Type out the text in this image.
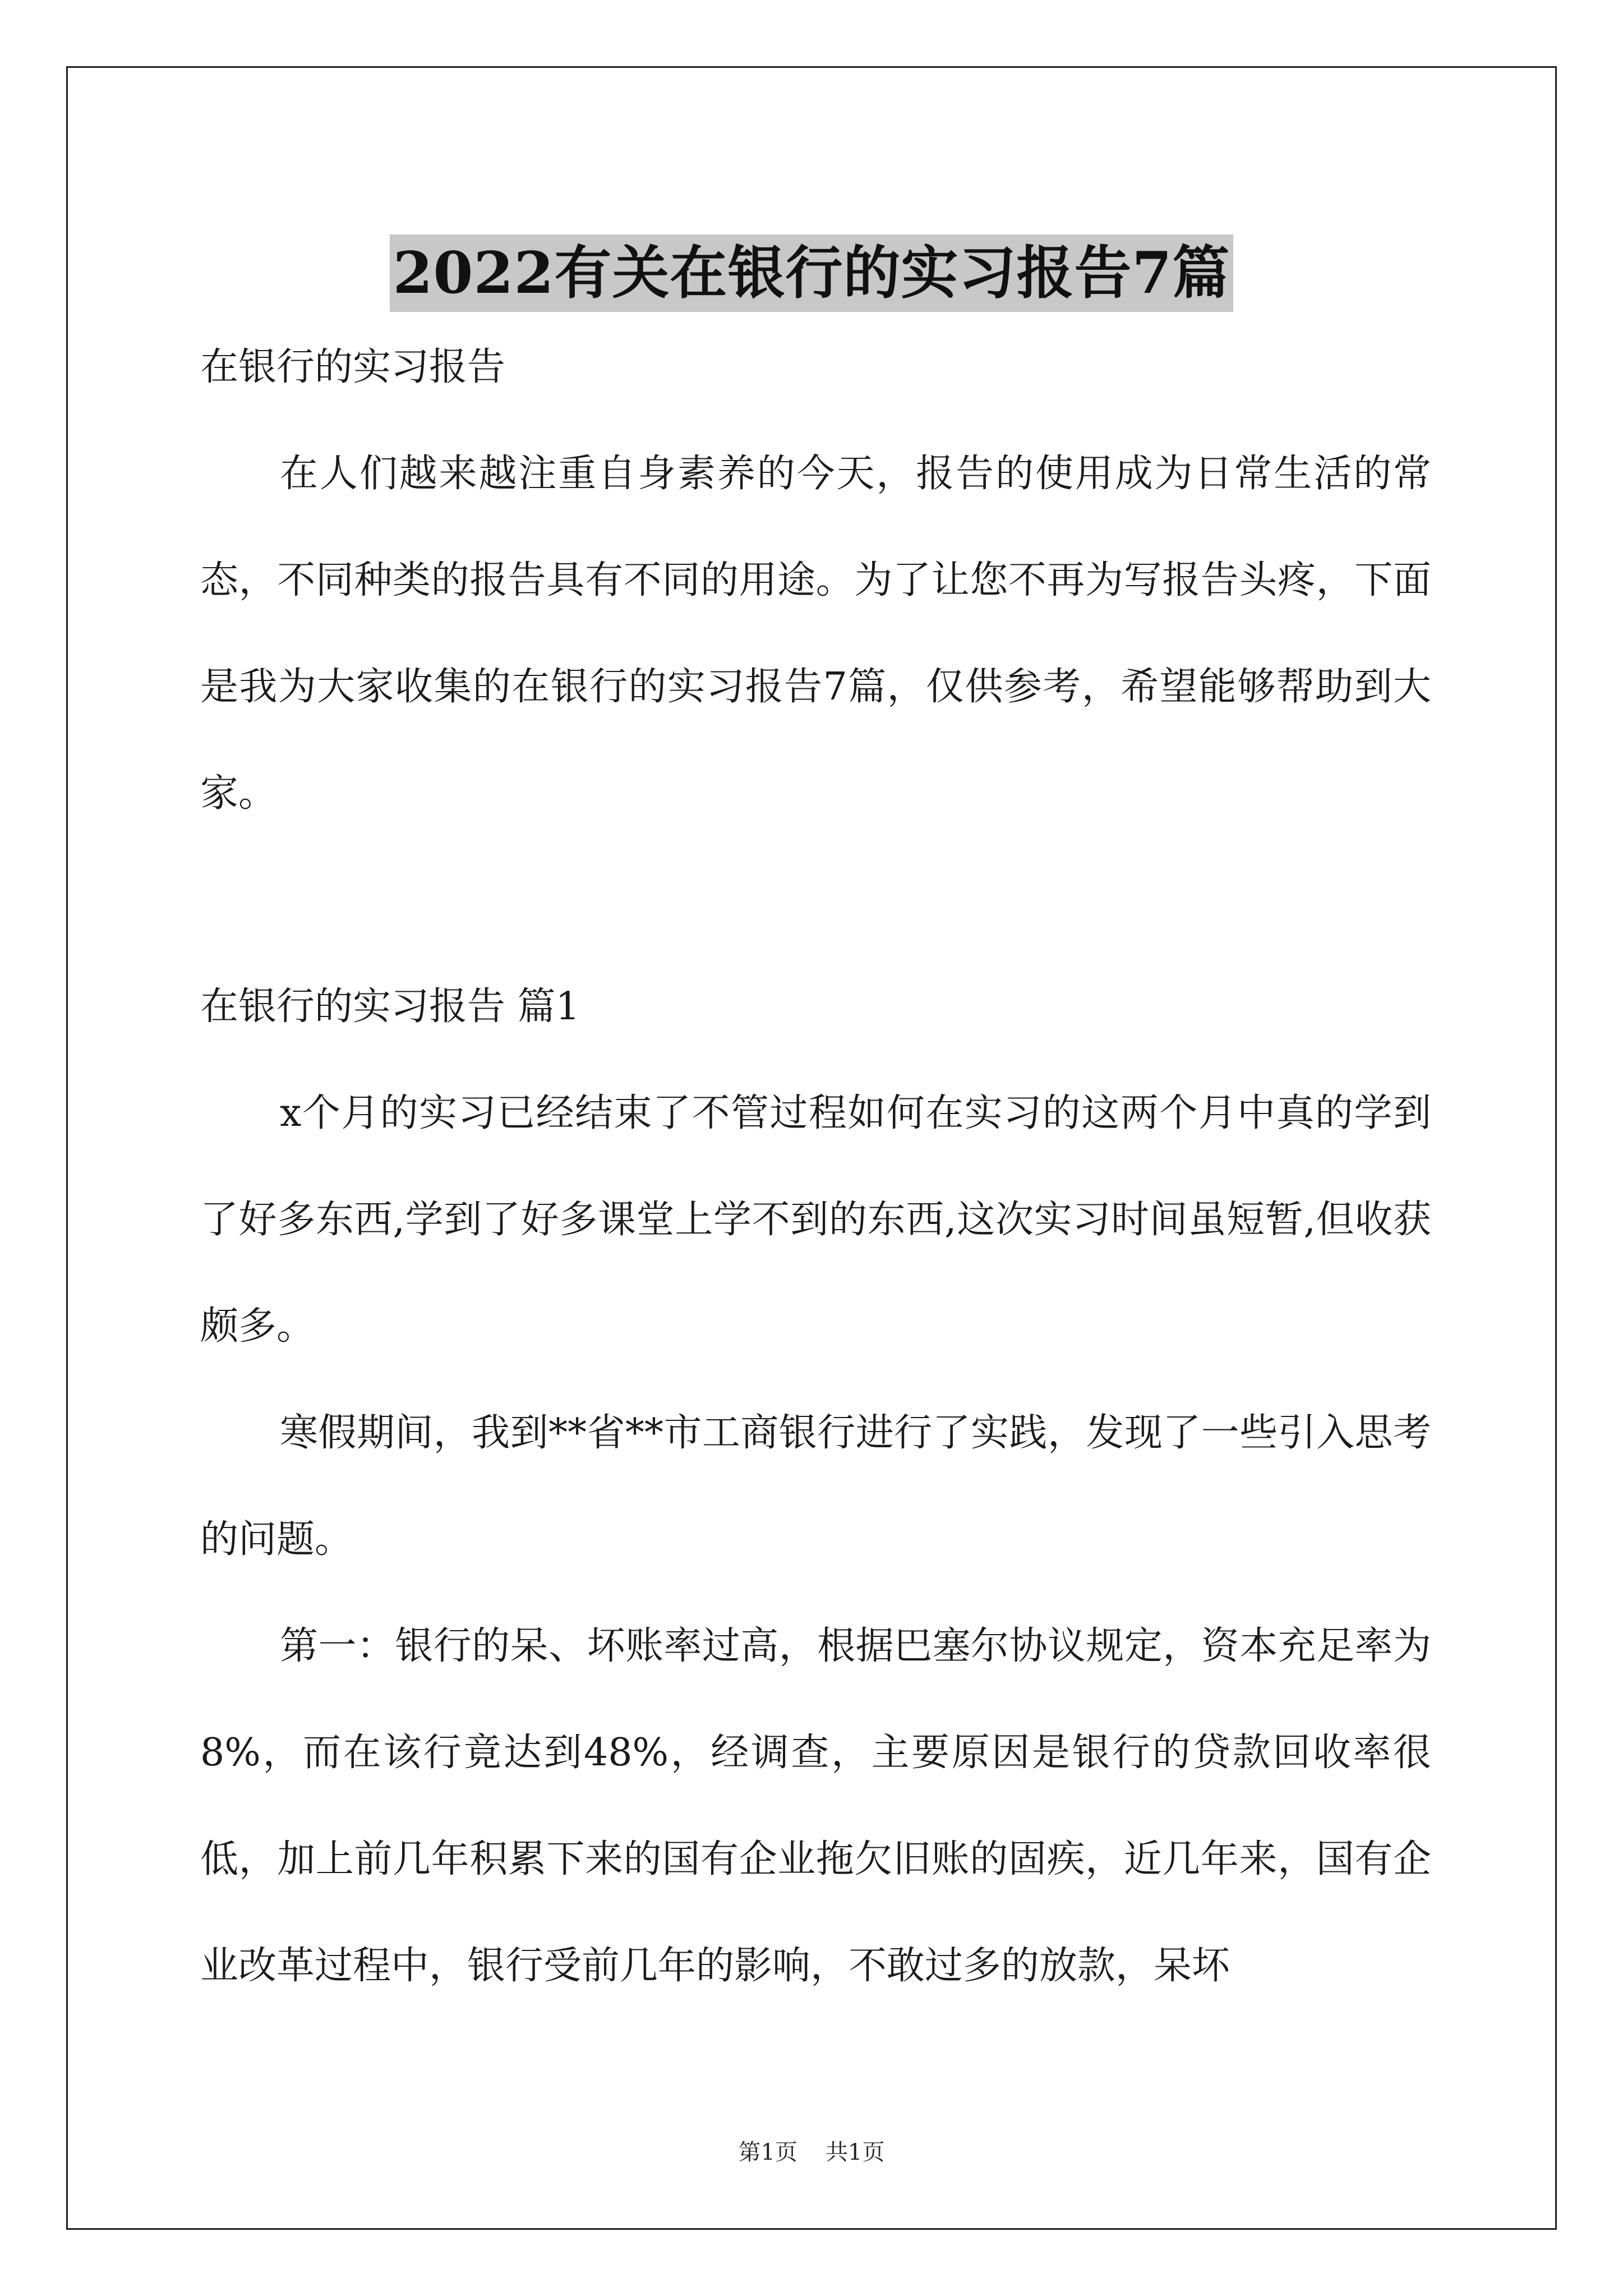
2022有关在银行的实习报告7篇

在银行的实习报告

在人们越来越注重自身素养的今天，报告的使用成为日常生活的常态，不同种类的报告具有不同的用途。为了让您不再为写报告头疼，下面是我为大家收集的在银行的实习报告7篇，仅供参考，希望能够帮助到大家。

在银行的实习报告 篇1

x个月的实习已经结束了不管过程如何在实习的这两个月中真的学到了好多东西,学到了好多课堂上学不到的东西,这次实习时间虽短暂,但收获颇多。

寒假期间，我到**省**市工商银行进行了实践，发现了一些引入思考的问题。

第一：银行的呆、坏账率过高，根据巴塞尔协议规定，资本充足率为8%，而在该行竟达到48%，经调查，主要原因是银行的贷款回收率很低，加上前几年积累下来的国有企业拖欠旧账的固疾，近几年来，国有企业改革过程中，银行受前几年的影响，不敢过多的放款，呆坏

第1页 共1页
